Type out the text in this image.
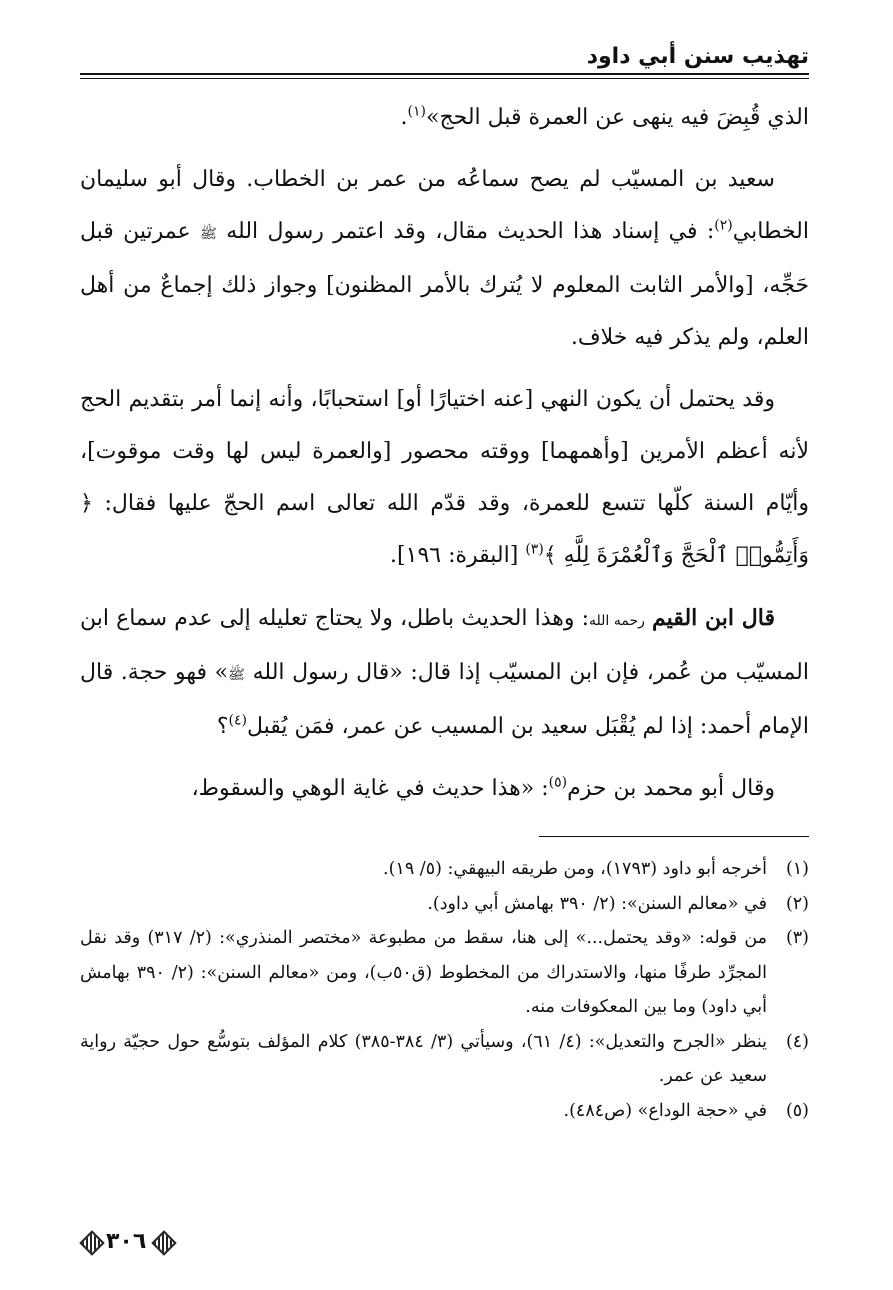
تهذيب سنن أبي داود

الذي قُبِضَ فيه ينهى عن العمرة قبل الحج»$^{(١)}$.

سعيد بن المسيّب لم يصح سماعُه من عمر بن الخطاب. وقال أبو سليمان الخطابي$^{(٢)}$: في إسناد هذا الحديث مقال، وقد اعتمر رسول الله ﷺ عمرتين قبل حَجِّه، [والأمر الثابت المعلوم لا يُترك بالأمر المظنون] وجواز ذلك إجماعٌ من أهل العلم، ولم يذكر فيه خلاف.

وقد يحتمل أن يكون النهي [عنه اختيارًا أو] استحبابًا، وأنه إنما أمر بتقديم الحج لأنه أعظم الأمرين [وأهمهما] ووقته محصور [والعمرة ليس لها وقت موقوت]، وأيّام السنة كلّها تتسع للعمرة، وقد قدّم الله تعالى اسم الحجّ عليها فقال: ﴿ وَأَتِمُّوا۟ ٱلْحَجَّ وَٱلْعُمْرَةَ لِلَّهِ ﴾$^{(٣)}$ [البقرة: ١٩٦].

قال ابن القيم رحمه الله: وهذا الحديث باطل، ولا يحتاج تعليله إلى عدم سماع ابن المسيّب من عُمر، فإن ابن المسيّب إذا قال: «قال رسول الله ﷺ» فهو حجة. قال الإمام أحمد: إذا لم يُقْبَل سعيد بن المسيب عن عمر، فمَن يُقبل$^{(٤)}$؟

وقال أبو محمد بن حزم$^{(٥)}$: «هذا حديث في غاية الوهي والسقوط،

(١)
أخرجه أبو داود (١٧٩٣)، ومن طريقه البيهقي: (٥/ ١٩).
(٢)
في «معالم السنن»: (٢/ ٣٩٠ بهامش أبي داود).
(٣)
من قوله: «وقد يحتمل...» إلى هنا، سقط من مطبوعة «مختصر المنذري»: (٢/ ٣١٧) وقد نقل المجرِّد طرفًا منها، والاستدراك من المخطوط (ق٥٠ب)، ومن «معالم السنن»: (٢/ ٣٩٠ بهامش أبي داود) وما بين المعكوفات منه.
(٤)
ينظر «الجرح والتعديل»: (٤/ ٦١)، وسيأتي (٣/ ٣٨٤-٣٨٥) كلام المؤلف بتوسُّع حول حجيّة رواية سعيد عن عمر.
(٥)
في «حجة الوداع» (ص٤٨٤).
٣٠٦
